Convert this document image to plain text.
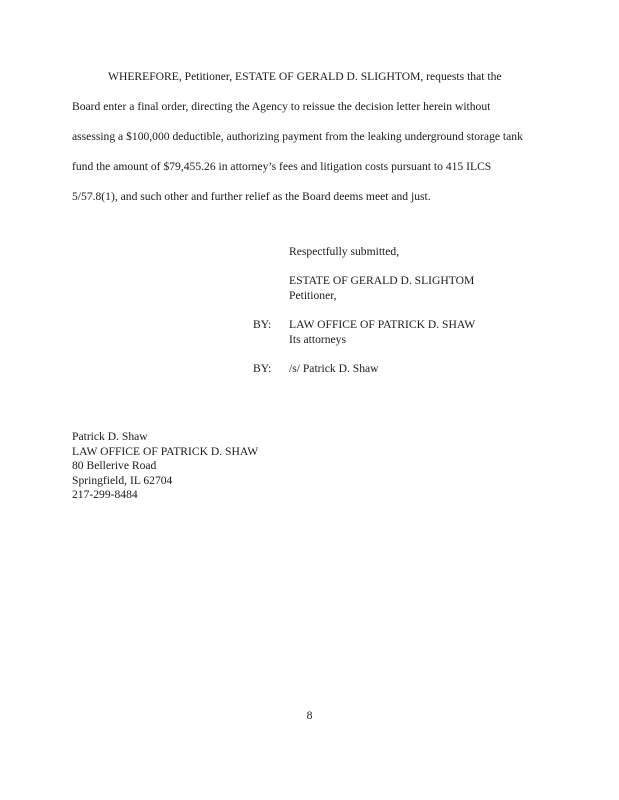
WHEREFORE, Petitioner, ESTATE OF GERALD D. SLIGHTOM, requests that the
Board enter a final order, directing the Agency to reissue the decision letter herein without
assessing a $100,000 deductible, authorizing payment from the leaking underground storage tank
fund the amount of $79,455.26 in attorney’s fees and litigation costs pursuant to 415 ILCS
5/57.8(1), and such other and further relief as the Board deems meet and just.
Respectfully submitted,
ESTATE OF GERALD D. SLIGHTOM
Petitioner,
BY: LAW OFFICE OF PATRICK D. SHAW
Its attorneys
BY: /s/ Patrick D. Shaw
Patrick D. Shaw
LAW OFFICE OF PATRICK D. SHAW
80 Bellerive Road
Springfield, IL 62704
217-299-8484
8
